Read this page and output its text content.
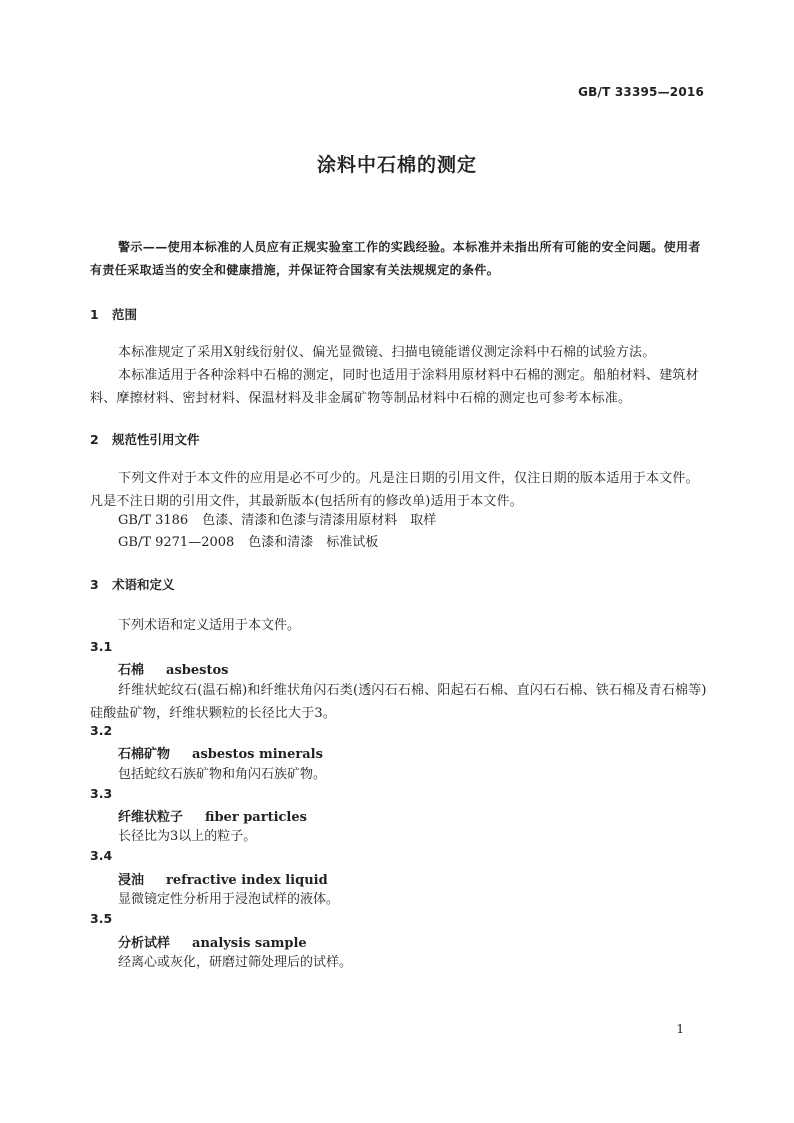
GB/T 33395—2016
涂料中石棉的测定
警示——使用本标准的人员应有正规实验室工作的实践经验。本标准并未指出所有可能的安全问题。使用者有责任采取适当的安全和健康措施，并保证符合国家有关法规规定的条件。
1 范围
本标准规定了采用X射线衍射仪、偏光显微镜、扫描电镜能谱仪测定涂料中石棉的试验方法。
本标准适用于各种涂料中石棉的测定，同时也适用于涂料用原材料中石棉的测定。船舶材料、建筑材料、摩擦材料、密封材料、保温材料及非金属矿物等制品材料中石棉的测定也可参考本标准。
2 规范性引用文件
下列文件对于本文件的应用是必不可少的。凡是注日期的引用文件，仅注日期的版本适用于本文件。凡是不注日期的引用文件，其最新版本(包括所有的修改单)适用于本文件。
GB/T 3186 色漆、清漆和色漆与清漆用原材料　取样
GB/T 9271—2008 色漆和清漆　标准试板
3 术语和定义
下列术语和定义适用于本文件。
3.1
石棉 asbestos
纤维状蛇纹石(温石棉)和纤维状角闪石类(透闪石石棉、阳起石石棉、直闪石石棉、铁石棉及青石棉等)硅酸盐矿物，纤维状颗粒的长径比大于3。
3.2
石棉矿物 asbestos minerals
包括蛇纹石族矿物和角闪石族矿物。
3.3
纤维状粒子 fiber particles
长径比为3以上的粒子。
3.4
浸油 refractive index liquid
显微镜定性分析用于浸泡试样的液体。
3.5
分析试样 analysis sample
经离心或灰化，研磨过筛处理后的试样。
1
